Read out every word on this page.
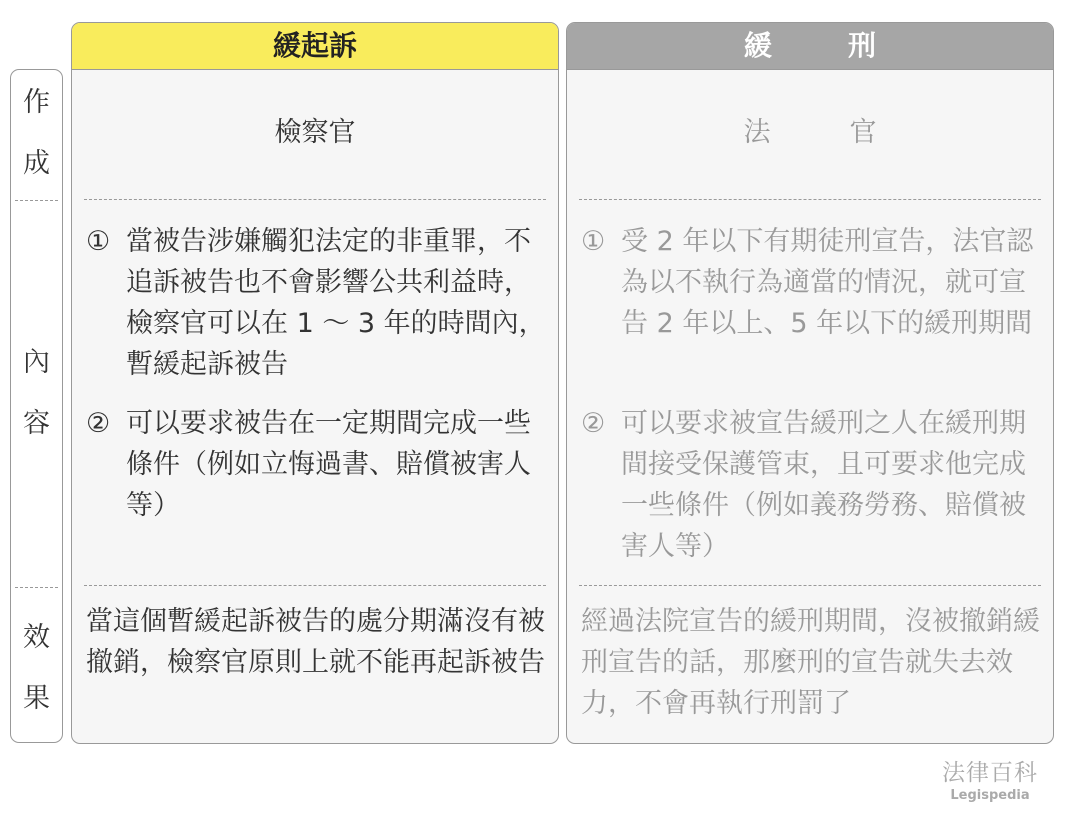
作
成
內
容
效
果
緩起訴
檢察官
① 當被告涉嫌觸犯法定的非重罪，不追訴被告也不會影響公共利益時，檢察官可以在 1 ～ 3 年的時間內，暫緩起訴被告
② 可以要求被告在一定期間完成一些條件（例如立悔過書、賠償被害人等）
當這個暫緩起訴被告的處分期滿沒有被撤銷，檢察官原則上就不能再起訴被告
緩　刑
法　官
① 受 2 年以下有期徒刑宣告，法官認為以不執行為適當的情況，就可宣告 2 年以上、5 年以下的緩刑期間
② 可以要求被宣告緩刑之人在緩刑期間接受保護管束，且可要求他完成一些條件（例如義務勞務、賠償被害人等）
經過法院宣告的緩刑期間，沒被撤銷緩刑宣告的話，那麼刑的宣告就失去效力，不會再執行刑罰了
法律百科
Legispedia
